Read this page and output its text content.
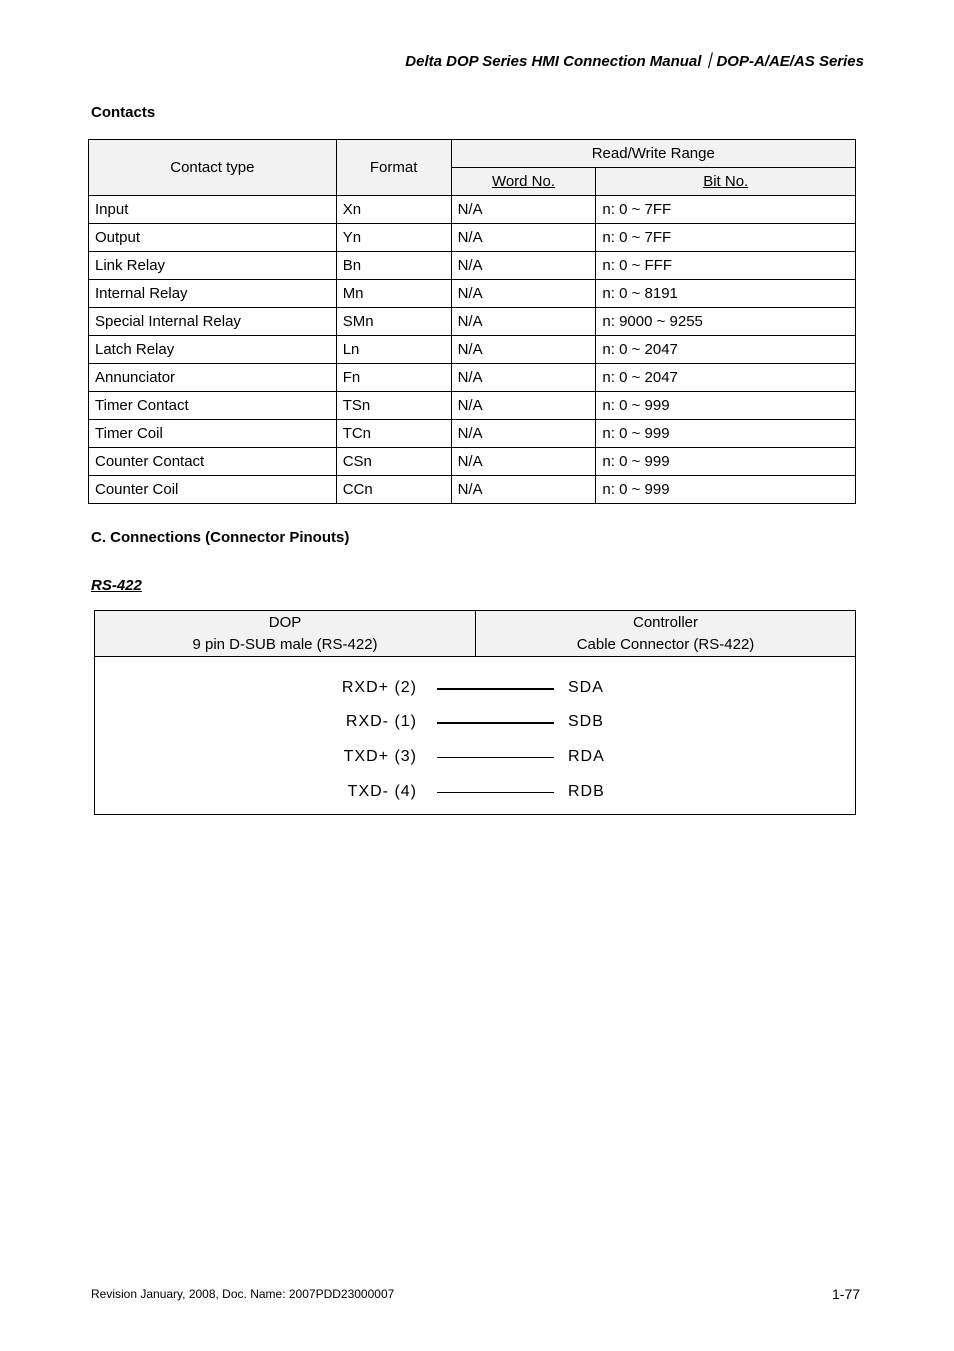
Delta DOP Series HMI Connection Manual｜DOP-A/AE/AS Series
Contacts
Contact type	Format	Read/Write Range	
		Word No.	Bit No.
Input	Xn	N/A	n: 0 ~ 7FF
Output	Yn	N/A	n: 0 ~ 7FF
Link Relay	Bn	N/A	n: 0 ~ FFF
Internal Relay	Mn	N/A	n: 0 ~ 8191
Special Internal Relay	SMn	N/A	n: 9000 ~ 9255
Latch Relay	Ln	N/A	n: 0 ~ 2047
Annunciator	Fn	N/A	n: 0 ~ 2047
Timer Contact	TSn	N/A	n: 0 ~ 999
Timer Coil	TCn	N/A	n: 0 ~ 999
Counter Contact	CSn	N/A	n: 0 ~ 999
Counter Coil	CCn	N/A	n: 0 ~ 999
C. Connections (Connector Pinouts)
RS-422
DOP
9 pin D-SUB male (RS-422)

Controller
Cable Connector (RS-422)

RXD+ (2)	SDA
RXD- (1)	SDB
TXD+ (3)	RDA
TXD- (4)	RDB
Revision January, 2008, Doc. Name: 2007PDD23000007	1-77
